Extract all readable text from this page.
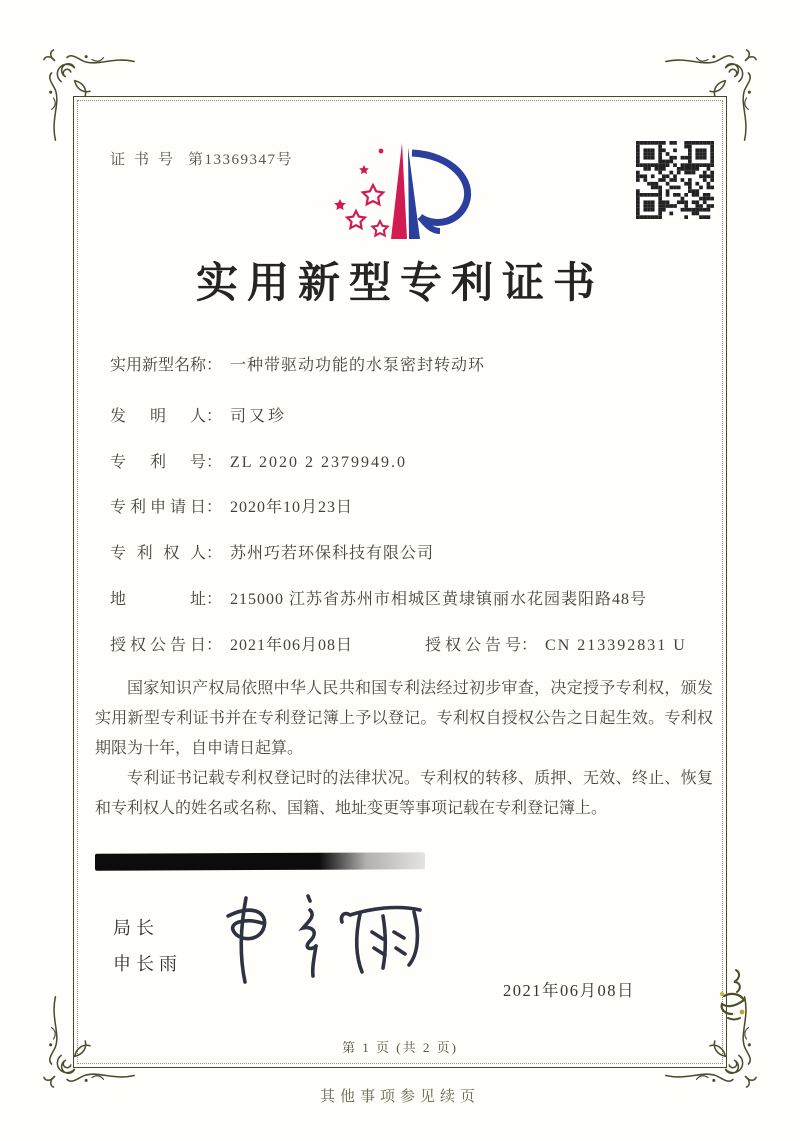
证书号 第13369347号
实用新型专利证书
实用新型名称： 一种带驱动功能的水泵密封转动环
发明人： 司又珍
专利号： ZL 2020 2 2379949.0
专利申请日： 2020年10月23日
专利权人： 苏州巧若环保科技有限公司
地址： 215000 江苏省苏州市相城区黄埭镇丽水花园裴阳路48号
授权公告日： 2021年06月08日	授权公告号： CN 213392831 U

国家知识产权局依照中华人民共和国专利法经过初步审查，决定授予专利权，颁发实用新型专利证书并在专利登记簿上予以登记。专利权自授权公告之日起生效。专利权期限为十年，自申请日起算。

专利证书记载专利权登记时的法律状况。专利权的转移、质押、无效、终止、恢复和专利权人的姓名或名称、国籍、地址变更等事项记载在专利登记簿上。

局长
申长雨
2021年06月08日
第 1 页 (共 2 页)
其他事项参见续页
